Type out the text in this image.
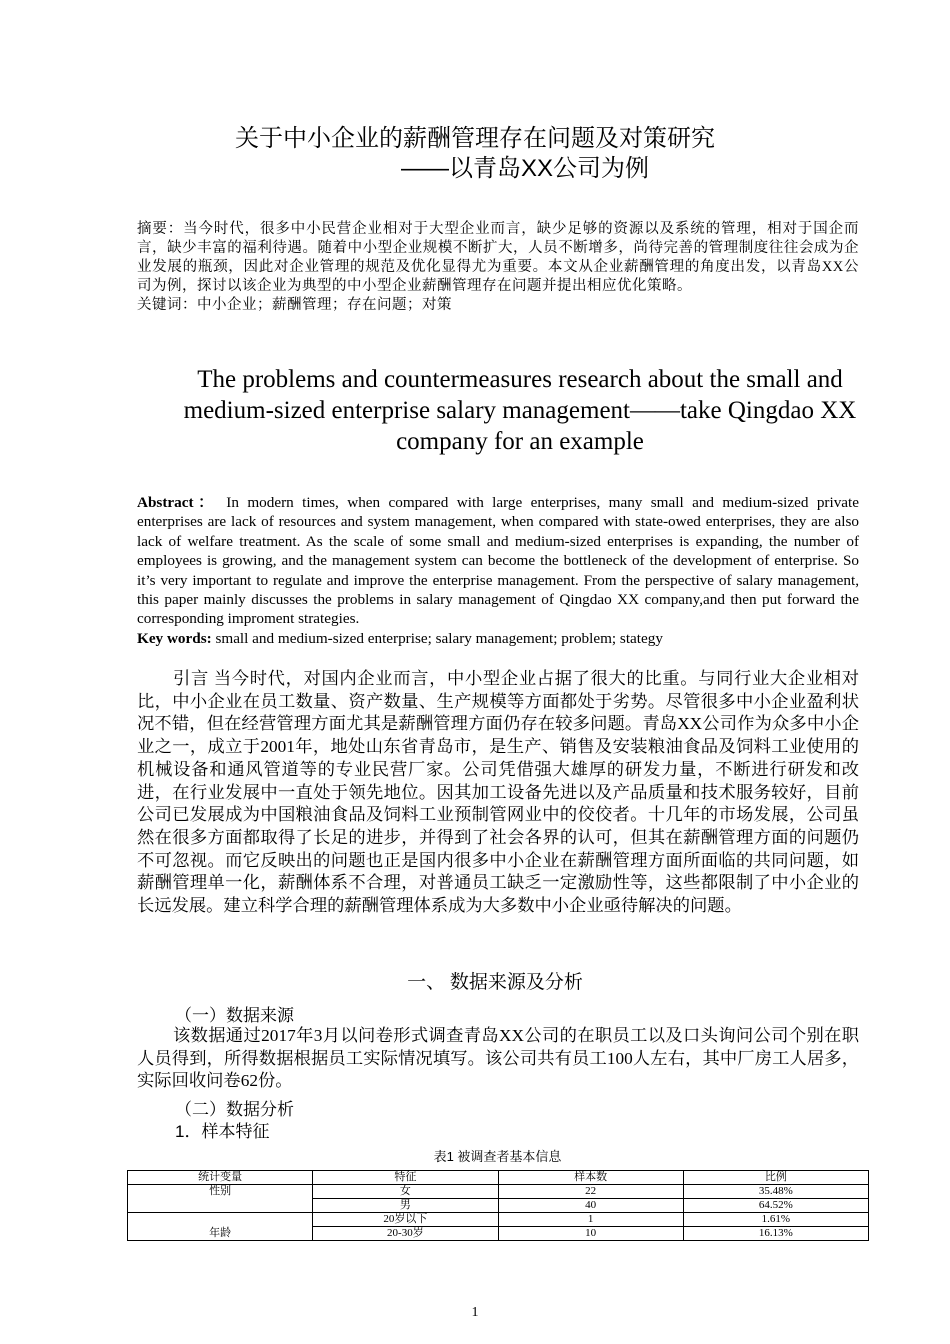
关于中小企业的薪酬管理存在问题及对策研究
——以青岛XX公司为例
摘要：当今时代，很多中小民营企业相对于大型企业而言，缺少足够的资源以及系统的管理，相对于国企而言，缺少丰富的福利待遇。随着中小型企业规模不断扩大，人员不断增多，尚待完善的管理制度往往会成为企业发展的瓶颈，因此对企业管理的规范及优化显得尤为重要。本文从企业薪酬管理的角度出发，以青岛XX公司为例，探讨以该企业为典型的中小型企业薪酬管理存在问题并提出相应优化策略。
关键词：中小企业；薪酬管理；存在问题；对策
The problems and countermeasures research about the small and medium-sized enterprise salary management——take Qingdao XX company for an example
Abstract： In modern times, when compared with large enterprises, many small and medium-sized private enterprises are lack of resources and system management, when compared with state-owed enterprises, they are also lack of welfare treatment. As the scale of some small and medium-sized enterprises is expanding, the number of employees is growing, and the management system can become the bottleneck of the development of enterprise. So it’s very important to regulate and improve the enterprise management. From the perspective of salary management, this paper mainly discusses the problems in salary management of Qingdao XX company,and then put forward the corresponding improment strategies.
Key words: small and medium-sized enterprise; salary management; problem; stategy
引言 当今时代，对国内企业而言，中小型企业占据了很大的比重。与同行业大企业相对比，中小企业在员工数量、资产数量、生产规模等方面都处于劣势。尽管很多中小企业盈利状况不错，但在经营管理方面尤其是薪酬管理方面仍存在较多问题。青岛XX公司作为众多中小企业之一，成立于2001年，地处山东省青岛市，是生产、销售及安装粮油食品及饲料工业使用的机械设备和通风管道等的专业民营厂家。公司凭借强大雄厚的研发力量，不断进行研发和改进，在行业发展中一直处于领先地位。因其加工设备先进以及产品质量和技术服务较好，目前公司已发展成为中国粮油食品及饲料工业预制管网业中的佼佼者。十几年的市场发展，公司虽然在很多方面都取得了长足的进步，并得到了社会各界的认可，但其在薪酬管理方面的问题仍不可忽视。而它反映出的问题也正是国内很多中小企业在薪酬管理方面所面临的共同问题，如薪酬管理单一化，薪酬体系不合理，对普通员工缺乏一定激励性等，这些都限制了中小企业的长远发展。建立科学合理的薪酬管理体系成为大多数中小企业亟待解决的问题。
一、 数据来源及分析
（一）数据来源
该数据通过2017年3月以问卷形式调查青岛XX公司的在职员工以及口头询问公司个别在职人员得到，所得数据根据员工实际情况填写。该公司共有员工100人左右，其中厂房工人居多，实际回收问卷62份。
（二）数据分析
1．样本特征
表1 被调查者基本信息
统计变量	特征	样本数	比例
性别	女	22	35.48%
	男	40	64.52%
年龄	20岁以下	1	1.61%
	20-30岁	10	16.13%
1
